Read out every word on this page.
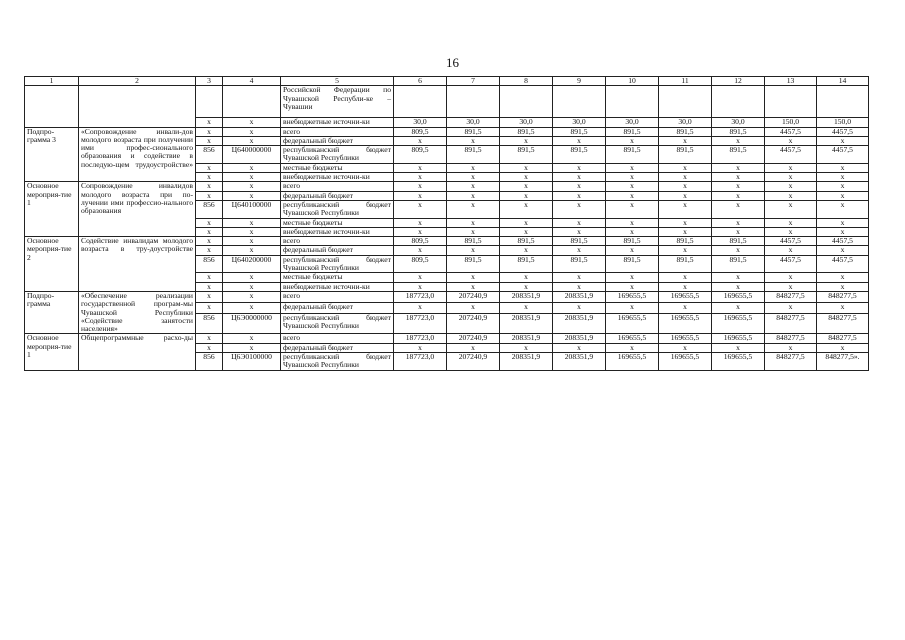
16
1	2	3	4	5	6	7	8	9	10	11	12	13	14
				Российской Федерации по Чувашской Республи-ке – Чувашии									
		x	x	внебюджетные источни-ки	30,0	30,0	30,0	30,0	30,0	30,0	30,0	150,0	150,0
Подпро-грамма 3	«Сопровождение инвали-дов молодого возраста при получении ими профес-сионального образования и содействие в последую-щем трудоустройстве»	x	x	всего	809,5	891,5	891,5	891,5	891,5	891,5	891,5	4457,5	4457,5
		x	x	федеральный бюджет	x	x	x	x	x	x	x	x	x
		856	Ц640000000	республиканский бюджет Чувашской Республики	809,5	891,5	891,5	891,5	891,5	891,5	891,5	4457,5	4457,5
		x	x	местные бюджеты	x	x	x	x	x	x	x	x	x
		x	x	внебюджетные источни-ки	x	x	x	x	x	x	x	x	x
Основное мероприя-тие 1	Сопровождение инвалидов молодого возраста при по-лучении ими профессио-нального образования	x	x	всего	x	x	x	x	x	x	x	x	x
		x	x	федеральный бюджет	x	x	x	x	x	x	x	x	x
		856	Ц640100000	республиканский бюджет Чувашской Республики	x	x	x	x	x	x	x	x	x
		x	x	местные бюджеты	x	x	x	x	x	x	x	x	x
		x	x	внебюджетные источни-ки	x	x	x	x	x	x	x	x	x
Основное мероприя-тие 2	Содействие инвалидам молодого возраста в тру-доустройстве	x	x	всего	809,5	891,5	891,5	891,5	891,5	891,5	891,5	4457,5	4457,5
		x	x	федеральный бюджет	x	x	x	x	x	x	x	x	x
		856	Ц640200000	республиканский бюджет Чувашской Республики	809,5	891,5	891,5	891,5	891,5	891,5	891,5	4457,5	4457,5
		x	x	местные бюджеты	x	x	x	x	x	x	x	x	x
		x	x	внебюджетные источни-ки	x	x	x	x	x	x	x	x	x
Подпро-грамма	«Обеспечение реализации государственной програм-мы Чувашской Республики «Содействие занятости населения»	x	x	всего	187723,0	207240,9	208351,9	208351,9	169655,5	169655,5	169655,5	848277,5	848277,5
		x	x	федеральный бюджет	x	x	x	x	x	x	x	x	x
		856	Ц6Э0000000	республиканский бюджет Чувашской Республики	187723,0	207240,9	208351,9	208351,9	169655,5	169655,5	169655,5	848277,5	848277,5
Основное мероприя-тие 1	Общепрограммные расхо-ды	x	x	всего	187723,0	207240,9	208351,9	208351,9	169655,5	169655,5	169655,5	848277,5	848277,5
		x	x	федеральный бюджет	x	x	x	x	x	x	x	x	x
		856	Ц6Э0100000	республиканский бюджет Чувашской Республики	187723,0	207240,9	208351,9	208351,9	169655,5	169655,5	169655,5	848277,5	848277,5».
